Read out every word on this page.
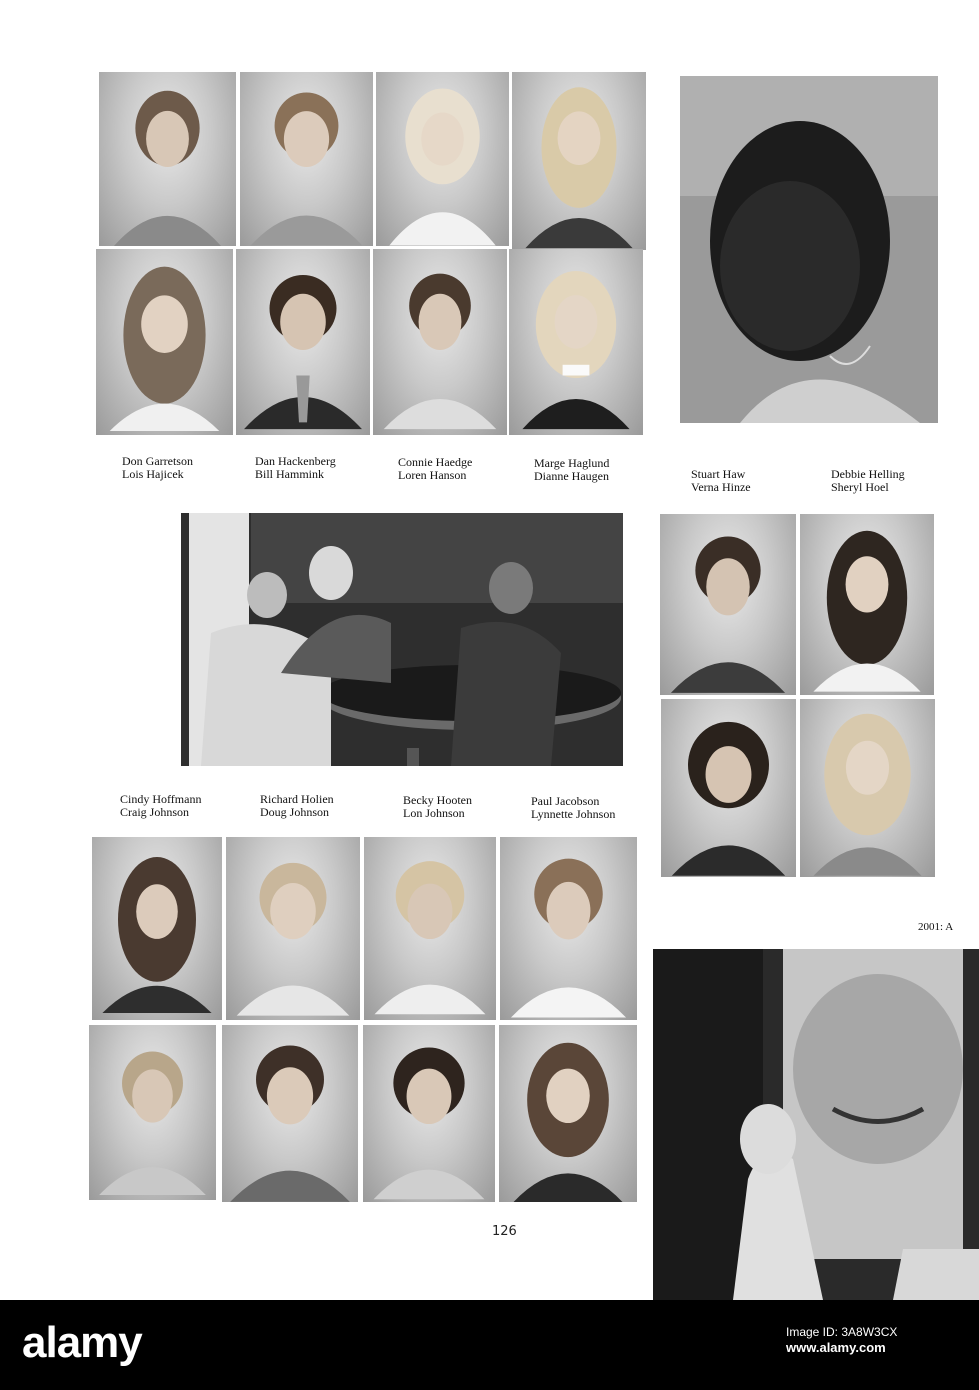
Don Garretson
Lois Hajicek
Dan Hackenberg
Bill Hammink
Connie Haedge
Loren Hanson
Marge Haglund
Dianne Haugen	Stuart Haw
Verna Hinze
Debbie Helling
Sheryl Hoel
Cindy Hoffmann
Craig Johnson
Richard Holien
Doug Johnson
Becky Hooten
Lon Johnson
Paul Jacobson
Lynnette Johnson
2001: A
126
alamy	Image ID: 3A8W3CX
www.alamy.com
